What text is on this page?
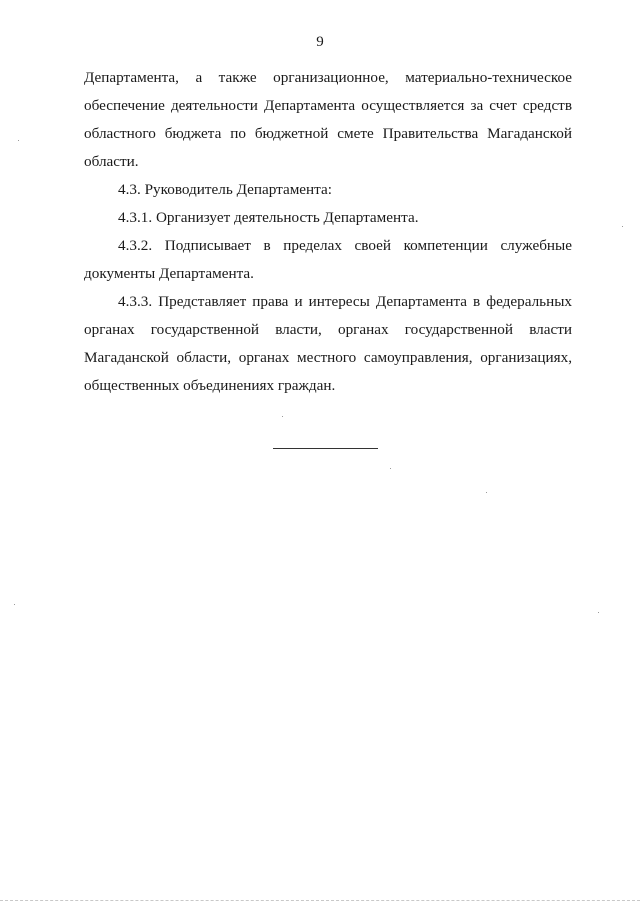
9

Департамента, а также организационное, материально-техническое обеспечение деятельности Департамента осуществляется за счет средств областного бюджета по бюджетной смете Правительства Магаданской области.

4.3. Руководитель Департамента:

4.3.1. Организует деятельность Департамента.

4.3.2. Подписывает в пределах своей компетенции служебные документы Департамента.

4.3.3. Представляет права и интересы Департамента в федеральных органах государственной власти, органах государственной власти Магаданской области, органах местного самоуправления, организациях, общественных объединениях граждан.
